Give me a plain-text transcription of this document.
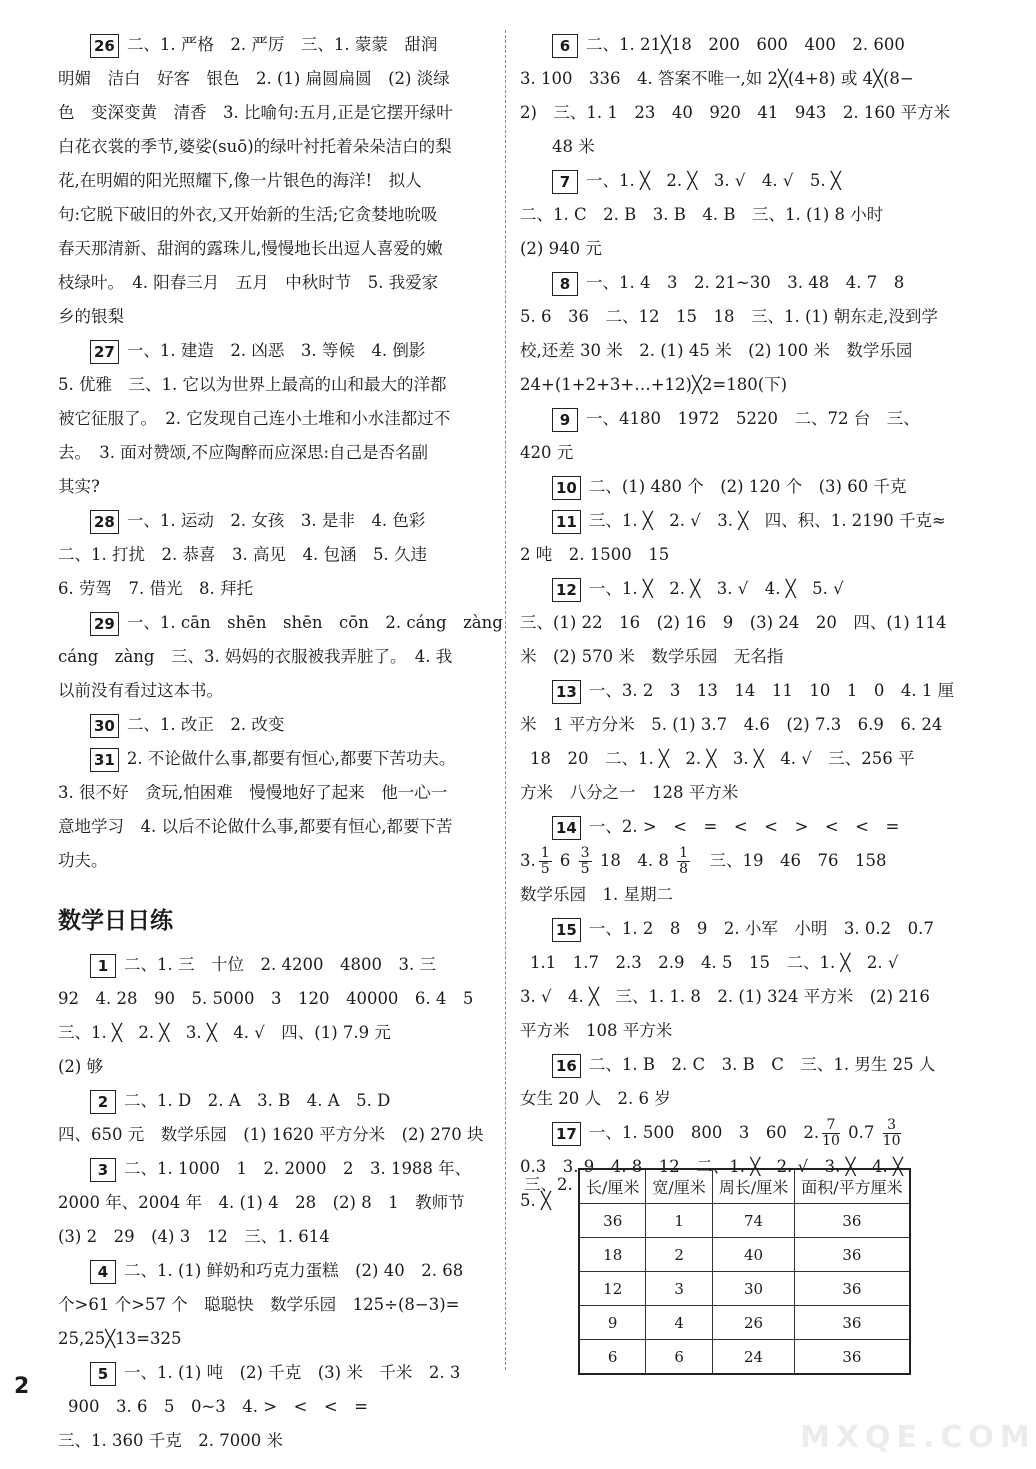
26 二、1. 严格　2. 严厉　三、1. 蒙蒙　甜润
明媚　洁白　好客　银色　2. (1) 扁圆扁圆　(2) 淡绿
色　变深变黄　清香　3. 比喻句:五月,正是它摆开绿叶
白花衣裳的季节,婆娑(suō)的绿叶衬托着朵朵洁白的梨
花,在明媚的阳光照耀下,像一片银色的海洋!　拟人
句:它脱下破旧的外衣,又开始新的生活;它贪婪地吮吸
春天那清新、甜润的露珠儿,慢慢地长出逗人喜爱的嫩
枝绿叶。　4. 阳春三月　五月　中秋时节　5. 我爱家
乡的银梨
27 一、1. 建造　2. 凶恶　3. 等候　4. 倒影
5. 优雅　三、1. 它以为世界上最高的山和最大的洋都
被它征服了。　2. 它发现自己连小土堆和小水洼都过不
去。　3. 面对赞颂,不应陶醉而应深思:自己是否名副
其实?
28 一、1. 运动　2. 女孩　3. 是非　4. 色彩
二、1. 打扰　2. 恭喜　3. 高见　4. 包涵　5. 久违
6. 劳驾　7. 借光　8. 拜托
29 一、1. cān　shēn　shēn　cōn　2. cáng　zàng
cáng　zàng　三、3. 妈妈的衣服被我弄脏了。　4. 我
以前没有看过这本书。
30 二、1. 改正　2. 改变
31 2. 不论做什么事,都要有恒心,都要下苦功夫。
3. 很不好　贪玩,怕困难　慢慢地好了起来　他一心一
意地学习　4. 以后不论做什么事,都要有恒心,都要下苦
功夫。
数学日日练
1 二、1. 三　十位　2. 4200　4800　3. 三
92　4. 28　90　5. 5000　3　120　40000　6. 4　5
三、1. ╳　2. ╳　3. ╳　4. √　四、(1) 7.9 元
(2) 够
2 二、1. D　2. A　3. B　4. A　5. D
四、650 元　数学乐园　(1) 1620 平方分米　(2) 270 块
3 二、1. 1000　1　2. 2000　2　3. 1988 年、
2000 年、2004 年　4. (1) 4　28　(2) 8　1　教师节
(3) 2　29　(4) 3　12　三、1. 614
4 二、1. (1) 鲜奶和巧克力蛋糕　(2) 40　2. 68
个>61 个>57 个　聪聪快　数学乐园　125÷(8−3)=
25,25╳13=325
5 一、1. (1) 吨　(2) 千克　(3) 米　千米　2. 3
900　3. 6　5　0~3　4. >　<　<　=
三、1. 360 千克　2. 7000 米
6 二、1. 21╳18　200　600　400　2. 600
3. 100　336　4. 答案不唯一,如 2╳(4+8) 或 4╳(8−
2)　三、1. 1　23　40　920　41　943　2. 160 平方米
48 米
7 一、1. ╳　2. ╳　3. √　4. √　5. ╳
二、1. C　2. B　3. B　4. B　三、1. (1) 8 小时
(2) 940 元
8 一、1. 4　3　2. 21~30　3. 48　4. 7　8
5. 6　36　二、12　15　18　三、1. (1) 朝东走,没到学
校,还差 30 米　2. (1) 45 米　(2) 100 米　数学乐园
24+(1+2+3+…+12)╳2=180(下)
9 一、4180　1972　5220　二、72 台　三、
420 元
10 二、(1) 480 个　(2) 120 个　(3) 60 千克
11 三、1. ╳　2. √　3. ╳　四、积、1. 2190 千克≈
2 吨　2. 1500　15
12 一、1. ╳　2. ╳　3. √　4. ╳　5. √
三、(1) 22　16　(2) 16　9　(3) 24　20　四、(1) 114
米　(2) 570 米　数学乐园　无名指
13 一、3. 2　3　13　14　11　10　1　0　4. 1 厘
米　1 平方分米　5. (1) 3.7　4.6　(2) 7.3　6.9　6. 24
18　20　二、1. ╳　2. ╳　3. ╳　4. √　三、256 平
方米　八分之一　128 平方米
14 一、2. >　<　=　<　<　>　<　<　=
3. $\frac{1}{5} 6 \frac{3}{5} 18$　4. $8 \frac{1}{8}$
  三、19　46　76　158
数学乐园　1. 星期二
15 一、1. 2　8　9　2. 小军　小明　3. 0.2　0.7
1.1　1.7　2.3　2.9　4. 5　15　二、1. ╳　2. √
3. √　4. ╳　三、1. 1. 8　2. (1) 324 平方米　(2) 216
平方米　108 平方米
16 二、1. B　2. C　3. B　C　三、1. 男生 25 人
女生 20 人　2. 6 岁
17 一、1. 500　800　3　60　2. $\frac{7}{10} 0.7 \frac{3}{10}$
0.3　3. 9　4. 8　12　二、1. ╳　2. √　3. ╳　4. ╳
5. ╳
三、2. 长/厘米	宽/厘米	周长/厘米	面积/平方厘米
36	1	74	36
18	2	40	36
12	3	30	36
9	4	26	36
6	6	24	36
2
MXQE.COM
